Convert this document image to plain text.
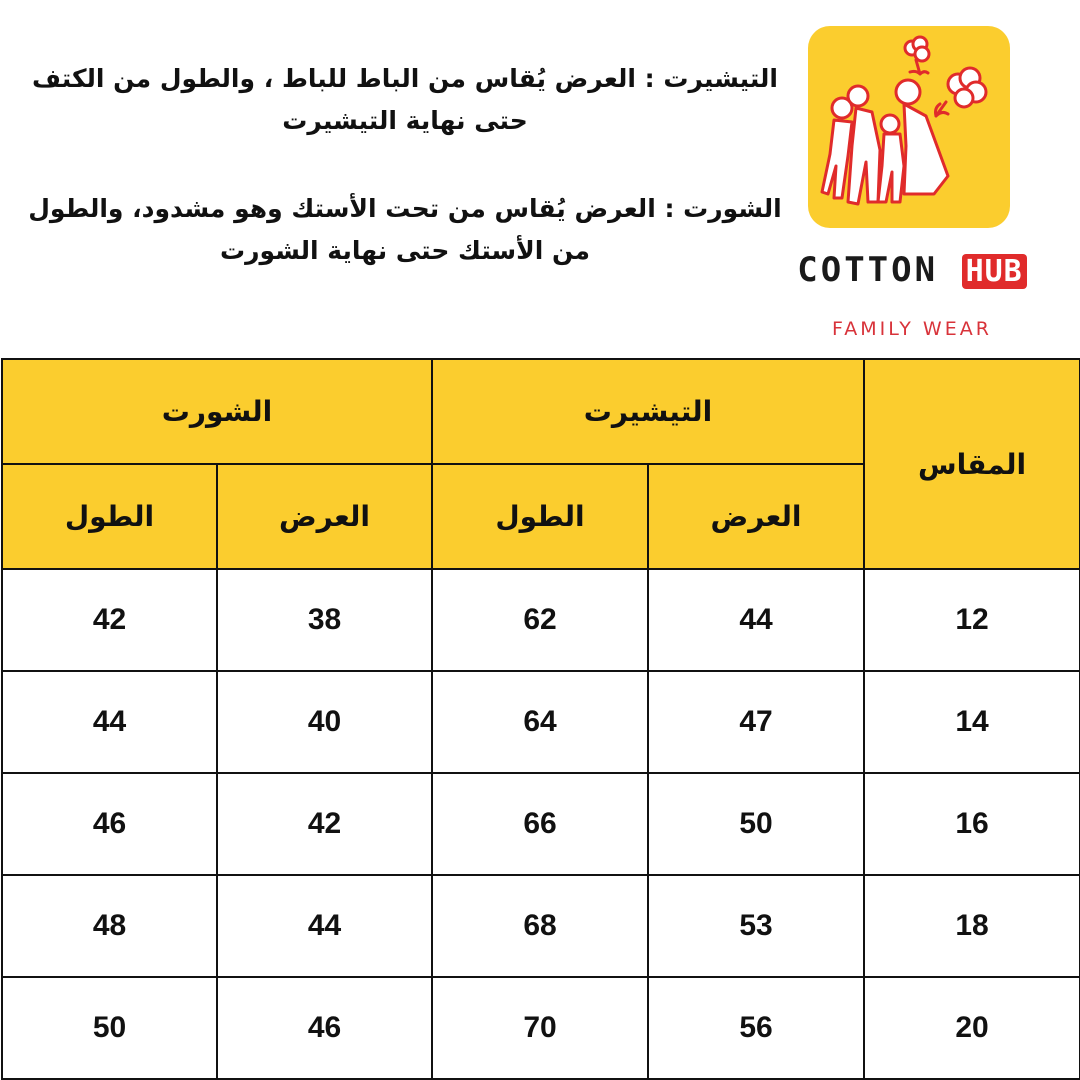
التيشيرت : العرض يُقاس من الباط للباط ، والطول من الكتف حتى نهاية التيشيرت

الشورت : العرض يُقاس من تحت الأستك وهو مشدود، والطول من الأستك حتى نهاية الشورت	COTTON HUB
FAMILY WEAR
المقاس	التيشيرت		الشورت	
	العرض	الطول	العرض	الطول
12	44	62	38	42
14	47	64	40	44
16	50	66	42	46
18	53	68	44	48
20	56	70	46	50
